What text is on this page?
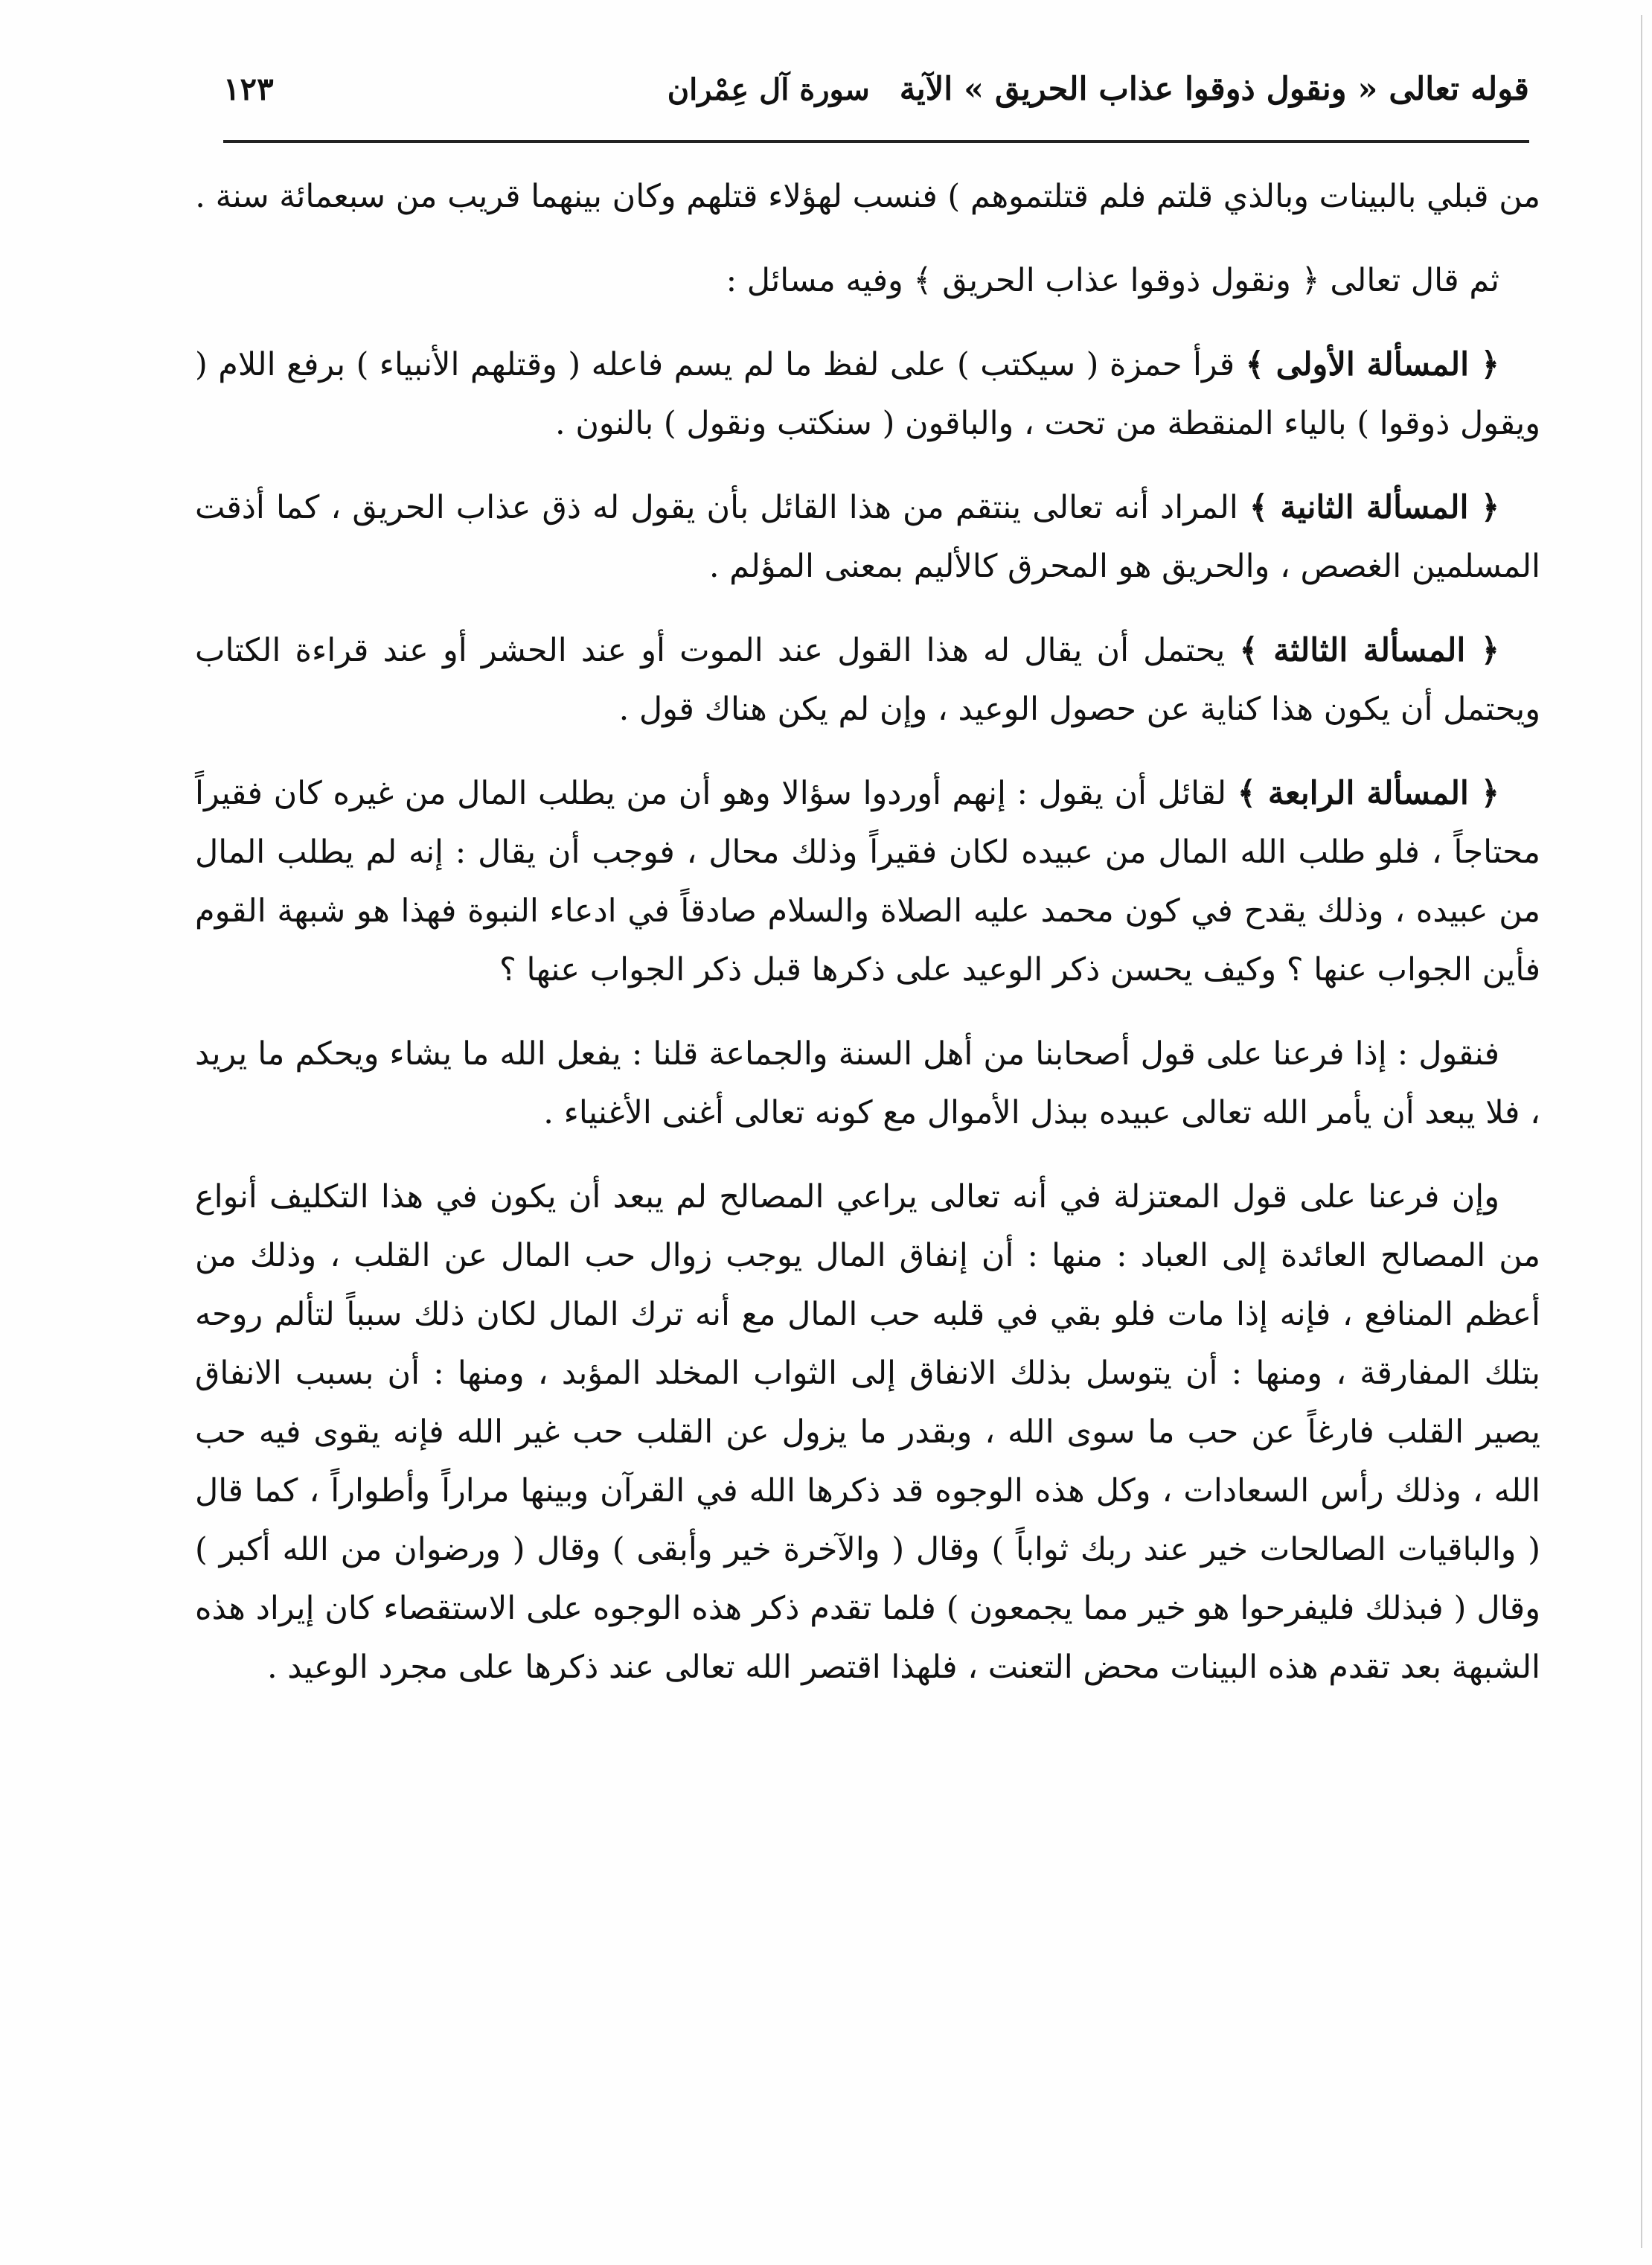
قوله تعالى « ونقول ذوقوا عذاب الحريق » الآية
سورة آل عِمْران
١٢٣

من قبلي بالبينات وبالذي قلتم فلم قتلتموهم ) فنسب لهؤلاء قتلهم وكان بينهما قريب من سبعمائة سنة .

ثم قال تعالى ﴿ ونقول ذوقوا عذاب الحريق ﴾ وفيه مسائل :

﴿ المسألة الأولى ﴾ قرأ حمزة ( سيكتب ) على لفظ ما لم يسم فاعله ( وقتلهم الأنبياء ) برفع اللام ( ويقول ذوقوا ) بالياء المنقطة من تحت ، والباقون ( سنكتب ونقول ) بالنون .

﴿ المسألة الثانية ﴾ المراد أنه تعالى ينتقم من هذا القائل بأن يقول له ذق عذاب الحريق ، كما أذقت المسلمين الغصص ، والحريق هو المحرق كالأليم بمعنى المؤلم .

﴿ المسألة الثالثة ﴾ يحتمل أن يقال له هذا القول عند الموت أو عند الحشر أو عند قراءة الكتاب ويحتمل أن يكون هذا كناية عن حصول الوعيد ، وإن لم يكن هناك قول .

﴿ المسألة الرابعة ﴾ لقائل أن يقول : إنهم أوردوا سؤالا وهو أن من يطلب المال من غيره كان فقيراً محتاجاً ، فلو طلب الله المال من عبيده لكان فقيراً وذلك محال ، فوجب أن يقال : إنه لم يطلب المال من عبيده ، وذلك يقدح في كون محمد عليه الصلاة والسلام صادقاً في ادعاء النبوة فهذا هو شبهة القوم فأين الجواب عنها ؟ وكيف يحسن ذكر الوعيد على ذكرها قبل ذكر الجواب عنها ؟

فنقول : إذا فرعنا على قول أصحابنا من أهل السنة والجماعة قلنا : يفعل الله ما يشاء ويحكم ما يريد ، فلا يبعد أن يأمر الله تعالى عبيده ببذل الأموال مع كونه تعالى أغنى الأغنياء .

وإن فرعنا على قول المعتزلة في أنه تعالى يراعي المصالح لم يبعد أن يكون في هذا التكليف أنواع من المصالح العائدة إلى العباد : منها : أن إنفاق المال يوجب زوال حب المال عن القلب ، وذلك من أعظم المنافع ، فإنه إذا مات فلو بقي في قلبه حب المال مع أنه ترك المال لكان ذلك سبباً لتألم روحه بتلك المفارقة ، ومنها : أن يتوسل بذلك الانفاق إلى الثواب المخلد المؤبد ، ومنها : أن بسبب الانفاق يصير القلب فارغاً عن حب ما سوى الله ، وبقدر ما يزول عن القلب حب غير الله فإنه يقوى فيه حب الله ، وذلك رأس السعادات ، وكل هذه الوجوه قد ذكرها الله في القرآن وبينها مراراً وأطواراً ، كما قال ( والباقيات الصالحات خير عند ربك ثواباً ) وقال ( والآخرة خير وأبقى ) وقال ( ورضوان من الله أكبر ) وقال ( فبذلك فليفرحوا هو خير مما يجمعون ) فلما تقدم ذكر هذه الوجوه على الاستقصاء كان إيراد هذه الشبهة بعد تقدم هذه البينات محض التعنت ، فلهذا اقتصر الله تعالى عند ذكرها على مجرد الوعيد .
